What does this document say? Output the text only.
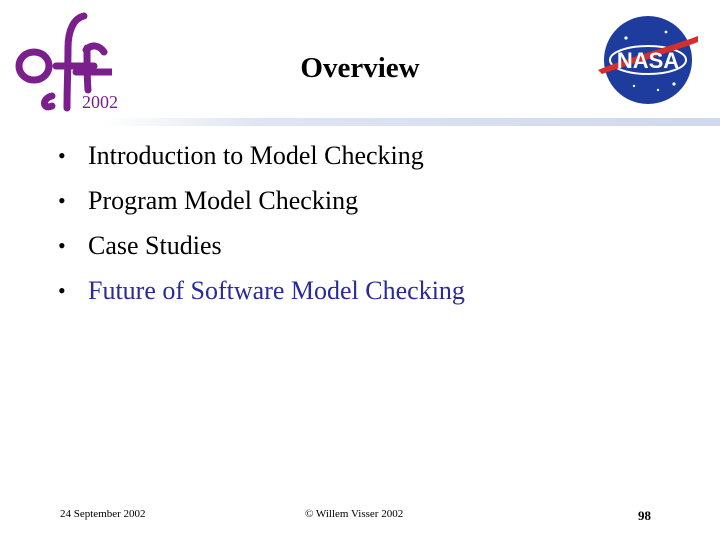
2002
Overview	NASA
• Introduction to Model Checking
• Program Model Checking
• Case Studies
• Future of Software Model Checking
24 September 2002	© Willem Visser 2002	98
